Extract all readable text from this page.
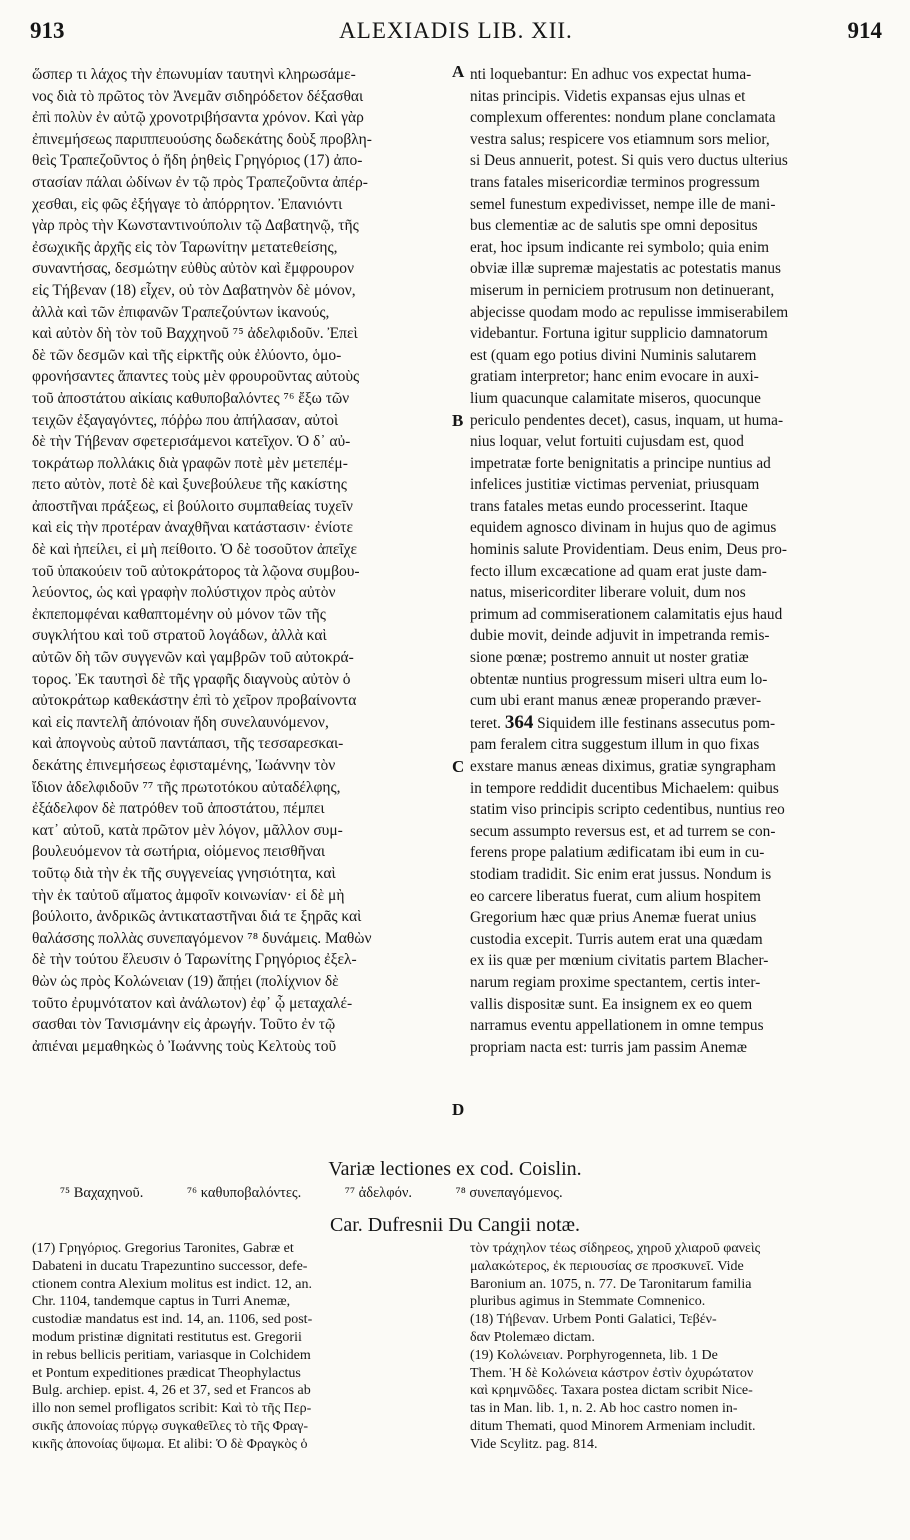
ALEXIADIS LIB. XII.
913	914
ὥσπερ τι λάχος τὴν ἐπωνυμίαν ταυτηνὶ κληρωσάμε-
νος διὰ τὸ πρῶτος τὸν Ἀνεμᾶν σιδηρόδετον δέξασθαι
ἐπὶ πολὺν ἐν αὐτῷ χρονοτριβήσαντα χρόνον. Καὶ γὰρ
ἐπινεμήσεως παριππευούσης δωδεκάτης δοὺξ προβλη-
θεὶς Τραπεζοῦντος ὁ ἤδη ῥηθεὶς Γρηγόριος (17) ἀπο-
στασίαν πάλαι ὠδίνων ἐν τῷ πρὸς Τραπεζοῦντα ἀπέρ-
χεσθαι, εἰς φῶς ἐξήγαγε τὸ ἀπόρρητον. Ἐπανιόντι
γὰρ πρὸς τὴν Κωνσταντινούπολιν τῷ Δαβατηνῷ, τῆς
ἐσωχικῆς ἀρχῆς εἰς τὸν Ταρωνίτην μετατεθείσης,
συναντήσας, δεσμώτην εὐθὺς αὐτὸν καὶ ἔμφρουρον
εἰς Τήβεναν (18) εἶχεν, οὐ τὸν Δαβατηνὸν δὲ μόνον,
ἀλλὰ καὶ τῶν ἐπιφανῶν Τραπεζούντων ἱκανούς,
καὶ αὐτὸν δὴ τὸν τοῦ Βαχχηνοῦ ⁷⁵ ἀδελφιδοῦν. Ἐπεὶ
δὲ τῶν δεσμῶν καὶ τῆς εἱρκτῆς οὐκ ἐλύοντο, ὁμο-
φρονήσαντες ἅπαντες τοὺς μὲν φρουροῦντας αὐτοὺς
τοῦ ἀποστάτου αἰκίαις καθυποβαλόντες ⁷⁶ ἔξω τῶν
τειχῶν ἐξαγαγόντες, πόῤῥω που ἀπήλασαν, αὐτοὶ
δὲ τὴν Τήβεναν σφετερισάμενοι κατεῖχον. Ὁ δ᾽ αὐ-
τοκράτωρ πολλάκις διὰ γραφῶν ποτὲ μὲν μετεπέμ-
πετο αὐτὸν, ποτὲ δὲ καὶ ξυνεβούλευε τῆς κακίστης
ἀποστῆναι πράξεως, εἰ βούλοιτο συμπαθείας τυχεῖν
καὶ εἰς τὴν προτέραν ἀναχθῆναι κατάστασιν· ἐνίοτε
δὲ καὶ ἠπείλει, εἰ μὴ πείθοιτο. Ὁ δὲ τοσοῦτον ἀπεῖχε
τοῦ ὑπακούειν τοῦ αὐτοκράτορος τὰ λῷονα συμβου-
λεύοντος, ὡς καὶ γραφὴν πολύστιχον πρὸς αὐτὸν
ἐκπεπομφέναι καθαπτομένην οὐ μόνον τῶν τῆς
συγκλήτου καὶ τοῦ στρατοῦ λογάδων, ἀλλὰ καὶ
αὐτῶν δὴ τῶν συγγενῶν καὶ γαμβρῶν τοῦ αὐτοκρά-
τορος. Ἐκ ταυτησὶ δὲ τῆς γραφῆς διαγνοὺς αὐτὸν ὁ
αὐτοκράτωρ καθεκάστην ἐπὶ τὸ χεῖρον προβαίνοντα
καὶ εἰς παντελῆ ἀπόνοιαν ἤδη συνελαυνόμενον,
καὶ ἀπογνοὺς αὐτοῦ παντάπασι, τῆς τεσσαρεσκαι-
δεκάτης ἐπινεμήσεως ἐφισταμένης, Ἰωάννην τὸν
ἴδιον ἀδελφιδοῦν ⁷⁷ τῆς πρωτοτόκου αὐταδέλφης,
ἐξάδελφον δὲ πατρόθεν τοῦ ἀποστάτου, πέμπει
κατ᾽ αὐτοῦ, κατὰ πρῶτον μὲν λόγον, μᾶλλον συμ-
βουλευόμενον τὰ σωτήρια, οἰόμενος πεισθῆναι
τοῦτῳ διὰ τὴν ἐκ τῆς συγγενείας γνησιότητα, καὶ
τὴν ἐκ ταὐτοῦ αἵματος ἀμφοῖν κοινωνίαν· εἰ δὲ μὴ
βούλοιτο, ἀνδρικῶς ἀντικαταστῆναι διά τε ξηρᾶς καὶ
θαλάσσης πολλὰς συνεπαγόμενον ⁷⁸ δυνάμεις. Μαθὼν
δὲ τὴν τούτου ἔλευσιν ὁ Ταρωνίτης Γρηγόριος ἐξελ-
θὼν ὡς πρὸς Κολώνειαν (19) ἄπῄει (πολίχνιον δὲ
τοῦτο ἐρυμνότατον καὶ ἀνάλωτον) ἐφ᾽ ᾧ μεταχαλέ-
σασθαι τὸν Τανισμάνην εἰς ἀρωγήν. Τοῦτο ἐν τῷ
ἀπιέναι μεμαθηκὼς ὁ Ἰωάννης τοὺς Κελτοὺς τοῦ
nti loquebantur: En adhuc vos expectat huma-
nitas principis. Videtis expansas ejus ulnas et
complexum offerentes: nondum plane conclamata
vestra salus; respicere vos etiamnum sors melior,
si Deus annuerit, potest. Si quis vero ductus ulterius
trans fatales misericordiæ terminos progressum
semel funestum expedivisset, nempe ille de mani-
bus clementiæ ac de salutis spe omni depositus
erat, hoc ipsum indicante rei symbolo; quia enim
obviæ illæ supremæ majestatis ac potestatis manus
miserum in perniciem protrusum non detinuerant,
abjecisse quodam modo ac repulisse immiserabilem
videbantur. Fortuna igitur supplicio damnatorum
est (quam ego potius divini Numinis salutarem
gratiam interpretor; hanc enim evocare in auxi-
lium quacunque calamitate miseros, quocunque
periculo pendentes decet), casus, inquam, ut huma-
nius loquar, velut fortuiti cujusdam est, quod
impetratæ forte benignitatis a principe nuntius ad
infelices justitiæ victimas perveniat, priusquam
trans fatales metas eundo processerint. Itaque
equidem agnosco divinam in hujus quo de agimus
hominis salute Providentiam. Deus enim, Deus pro-
fecto illum excæcatione ad quam erat juste dam-
natus, misericorditer liberare voluit, dum nos
primum ad commiserationem calamitatis ejus haud
dubie movit, deinde adjuvit in impetranda remis-
sione pœnæ; postremo annuit ut noster gratiæ
obtentæ nuntius progressum miseri ultra eum lo-
cum ubi erant manus æneæ properando præver-
teret. 364 Siquidem ille festinans assecutus pom-
pam feralem citra suggestum illum in quo fixas
exstare manus æneas diximus, gratiæ syngrapham
in tempore reddidit ducentibus Michaelem: quibus
statim viso principis scripto cedentibus, nuntius reo
secum assumpto reversus est, et ad turrem se con-
ferens prope palatium ædificatam ibi eum in cu-
stodiam tradidit. Sic enim erat jussus. Nondum is
eo carcere liberatus fuerat, cum alium hospitem
Gregorium hæc quæ prius Anemæ fuerat unius
custodia excepit. Turris autem erat una quædam
ex iis quæ per mœnium civitatis partem Blacher-
narum regiam proxime spectantem, certis inter-
vallis dispositæ sunt. Ea insignem ex eo quem
narramus eventu appellationem in omne tempus
propriam nacta est: turris jam passim Anemæ
A
B
C
D
Variæ lectiones ex cod. Coislin.
⁷⁵ Βαχαχηνοῦ.	⁷⁶ καθυποβαλόντες.	⁷⁷ ἀδελφόν.	⁷⁸ συνεπαγόμενος.
Car. Dufresnii Du Cangii notæ.
(17) Γρηγόριος. Gregorius Taronites, Gabræ et
Dabateni in ducatu Trapezuntino successor, defe-
ctionem contra Alexium molitus est indict. 12, an.
Chr. 1104, tandemque captus in Turri Anemæ,
custodiæ mandatus est ind. 14, an. 1106, sed post-
modum pristinæ dignitati restitutus est. Gregorii
in rebus bellicis peritiam, variasque in Colchidem
et Pontum expeditiones prædicat Theophylactus
Bulg. archiep. epist. 4, 26 et 37, sed et Francos ab
illo non semel profligatos scribit: Καὶ τὸ τῆς Περ-
σικῆς ἀπονοίας πύργῳ συγκαθεῖλες τὸ τῆς Φραγ-
κικῆς ἀπονοίας ὕψωμα. Et alibi: Ὁ δὲ Φραγκὸς ὁ
τὸν τράχηλον τέως σίδηρεος, χηροῦ χλιαροῦ φανεὶς
μαλακώτερος, ἐκ περιουσίας σε προσκυνεῖ. Vide
Baronium an. 1075, n. 77. De Taronitarum familia
pluribus agimus in Stemmate Comnenico.
(18) Τήβεναν. Urbem Ponti Galatici, Τεβέν-
δαν Ptolemæo dictam.
(19) Κολώνειαν. Porphyrogenneta, lib. 1 De
Them. Ἡ δὲ Κολώνεια κάστρον ἐστὶν ὀχυρώτατον
καὶ κρημνῶδες. Taxara postea dictam scribit Nice-
tas in Man. lib. 1, n. 2. Ab hoc castro nomen in-
ditum Themati, quod Minorem Armeniam includit.
Vide Scylitz. pag. 814.
